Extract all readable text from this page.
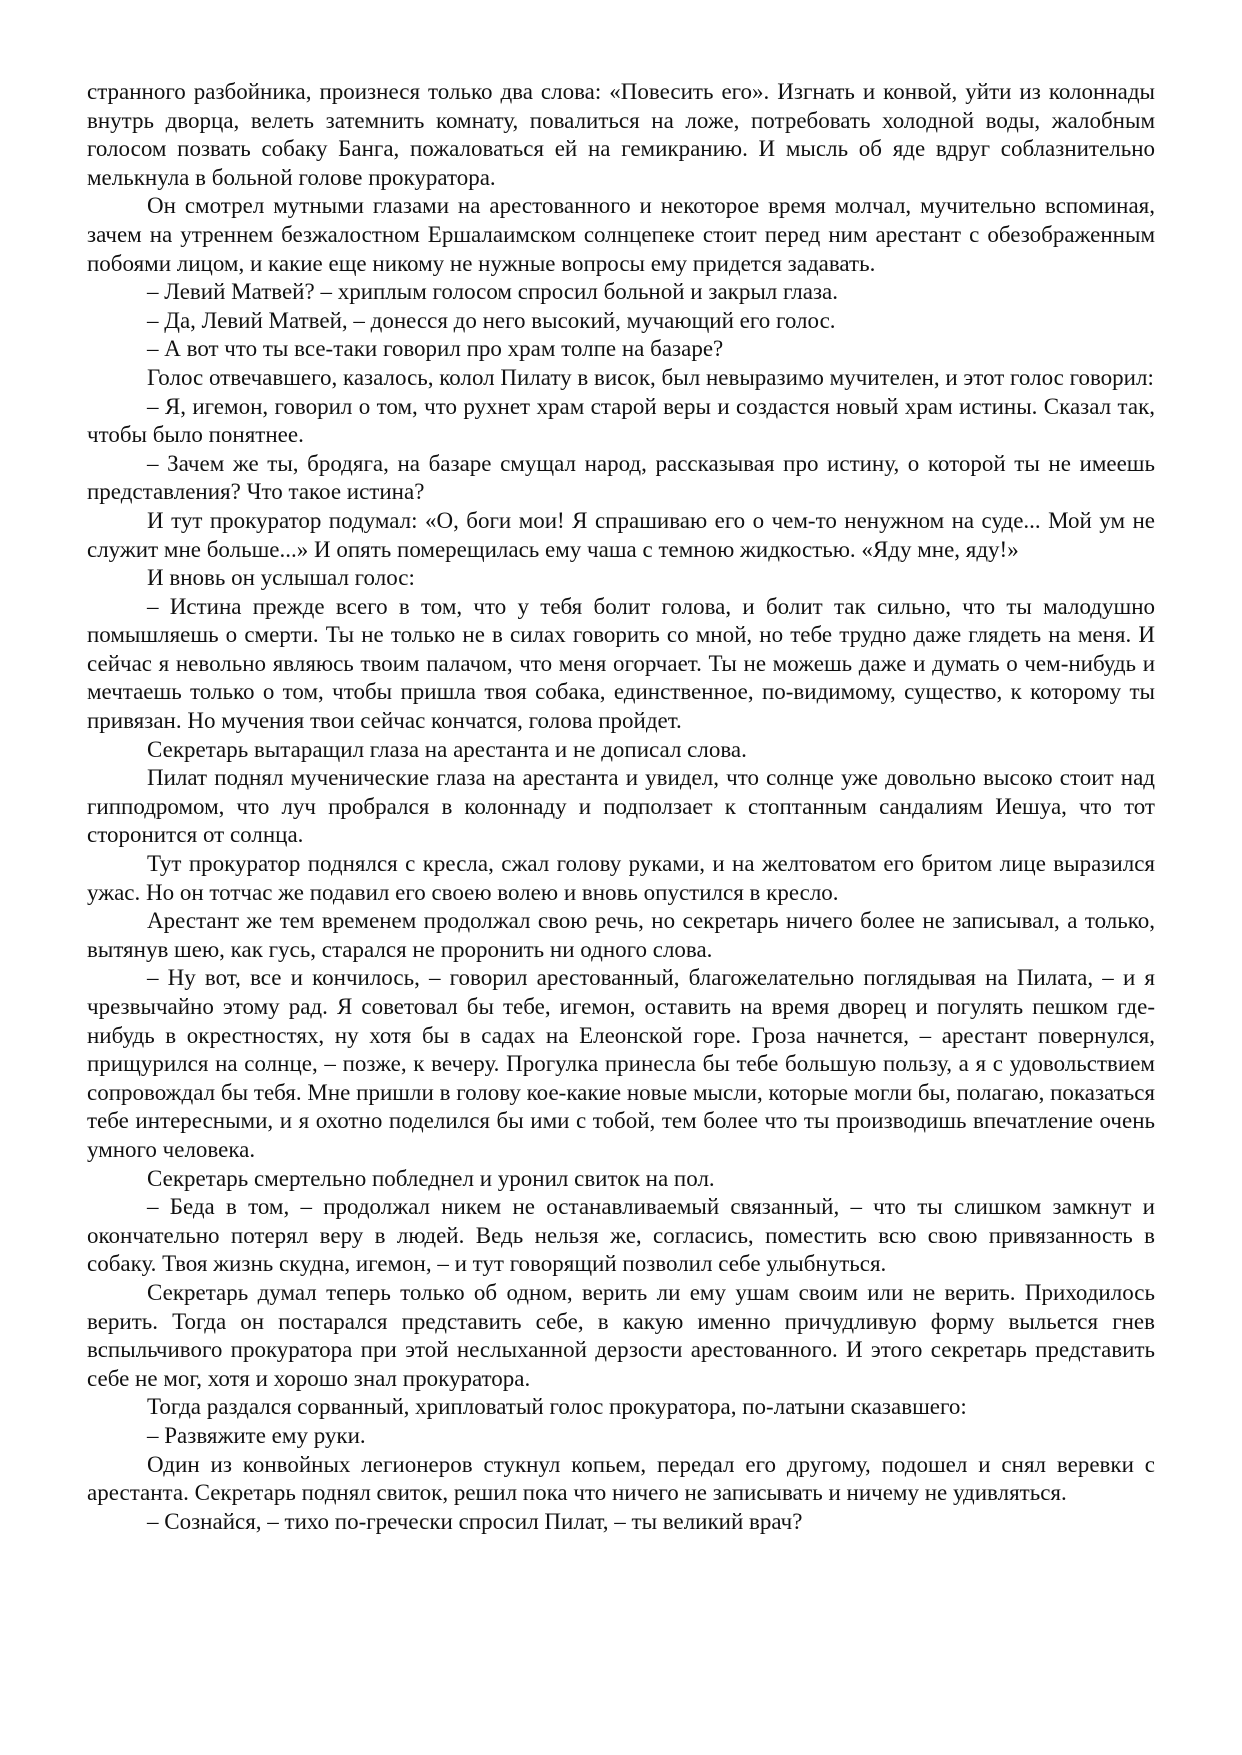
странного разбойника, произнеся только два слова: «Повесить его». Изгнать и конвой, уйти из колоннады внутрь дворца, велеть затемнить комнату, повалиться на ложе, потребовать холодной воды, жалобным голосом позвать собаку Банга, пожаловаться ей на гемикранию. И мысль об яде вдруг соблазнительно мелькнула в больной голове прокуратора.

Он смотрел мутными глазами на арестованного и некоторое время молчал, мучительно вспоминая, зачем на утреннем безжалостном Ершалаимском солнцепеке стоит перед ним арестант с обезображенным побоями лицом, и какие еще никому не нужные вопросы ему придется задавать.

– Левий Матвей? – хриплым голосом спросил больной и закрыл глаза.

– Да, Левий Матвей, – донесся до него высокий, мучающий его голос.

– А вот что ты все-таки говорил про храм толпе на базаре?

Голос отвечавшего, казалось, колол Пилату в висок, был невыразимо мучителен, и этот голос говорил:

– Я, игемон, говорил о том, что рухнет храм старой веры и создастся новый храм истины. Сказал так, чтобы было понятнее.

– Зачем же ты, бродяга, на базаре смущал народ, рассказывая про истину, о которой ты не имеешь представления? Что такое истина?

И тут прокуратор подумал: «О, боги мои! Я спрашиваю его о чем-то ненужном на суде... Мой ум не служит мне больше...» И опять померещилась ему чаша с темною жидкостью. «Яду мне, яду!»

И вновь он услышал голос:

– Истина прежде всего в том, что у тебя болит голова, и болит так сильно, что ты малодушно помышляешь о смерти. Ты не только не в силах говорить со мной, но тебе трудно даже глядеть на меня. И сейчас я невольно являюсь твоим палачом, что меня огорчает. Ты не можешь даже и думать о чем-нибудь и мечтаешь только о том, чтобы пришла твоя собака, единственное, по-видимому, существо, к которому ты привязан. Но мучения твои сейчас кончатся, голова пройдет.

Секретарь вытаращил глаза на арестанта и не дописал слова.

Пилат поднял мученические глаза на арестанта и увидел, что солнце уже довольно высоко стоит над гипподромом, что луч пробрался в колоннаду и подползает к стоптанным сандалиям Иешуа, что тот сторонится от солнца.

Тут прокуратор поднялся с кресла, сжал голову руками, и на желтоватом его бритом лице выразился ужас. Но он тотчас же подавил его своею волею и вновь опустился в кресло.

Арестант же тем временем продолжал свою речь, но секретарь ничего более не записывал, а только, вытянув шею, как гусь, старался не проронить ни одного слова.

– Ну вот, все и кончилось, – говорил арестованный, благожелательно поглядывая на Пилата, – и я чрезвычайно этому рад. Я советовал бы тебе, игемон, оставить на время дворец и погулять пешком где-нибудь в окрестностях, ну хотя бы в садах на Елеонской горе. Гроза начнется, – арестант повернулся, прищурился на солнце, – позже, к вечеру. Прогулка принесла бы тебе большую пользу, а я с удовольствием сопровождал бы тебя. Мне пришли в голову кое-какие новые мысли, которые могли бы, полагаю, показаться тебе интересными, и я охотно поделился бы ими с тобой, тем более что ты производишь впечатление очень умного человека.

Секретарь смертельно побледнел и уронил свиток на пол.

– Беда в том, – продолжал никем не останавливаемый связанный, – что ты слишком замкнут и окончательно потерял веру в людей. Ведь нельзя же, согласись, поместить всю свою привязанность в собаку. Твоя жизнь скудна, игемон, – и тут говорящий позволил себе улыбнуться.

Секретарь думал теперь только об одном, верить ли ему ушам своим или не верить. Приходилось верить. Тогда он постарался представить себе, в какую именно причудливую форму выльется гнев вспыльчивого прокуратора при этой неслыханной дерзости арестованного. И этого секретарь представить себе не мог, хотя и хорошо знал прокуратора.

Тогда раздался сорванный, хрипловатый голос прокуратора, по-латыни сказавшего:

– Развяжите ему руки.

Один из конвойных легионеров стукнул копьем, передал его другому, подошел и снял веревки с арестанта. Секретарь поднял свиток, решил пока что ничего не записывать и ничему не удивляться.

– Сознайся, – тихо по-гречески спросил Пилат, – ты великий врач?
